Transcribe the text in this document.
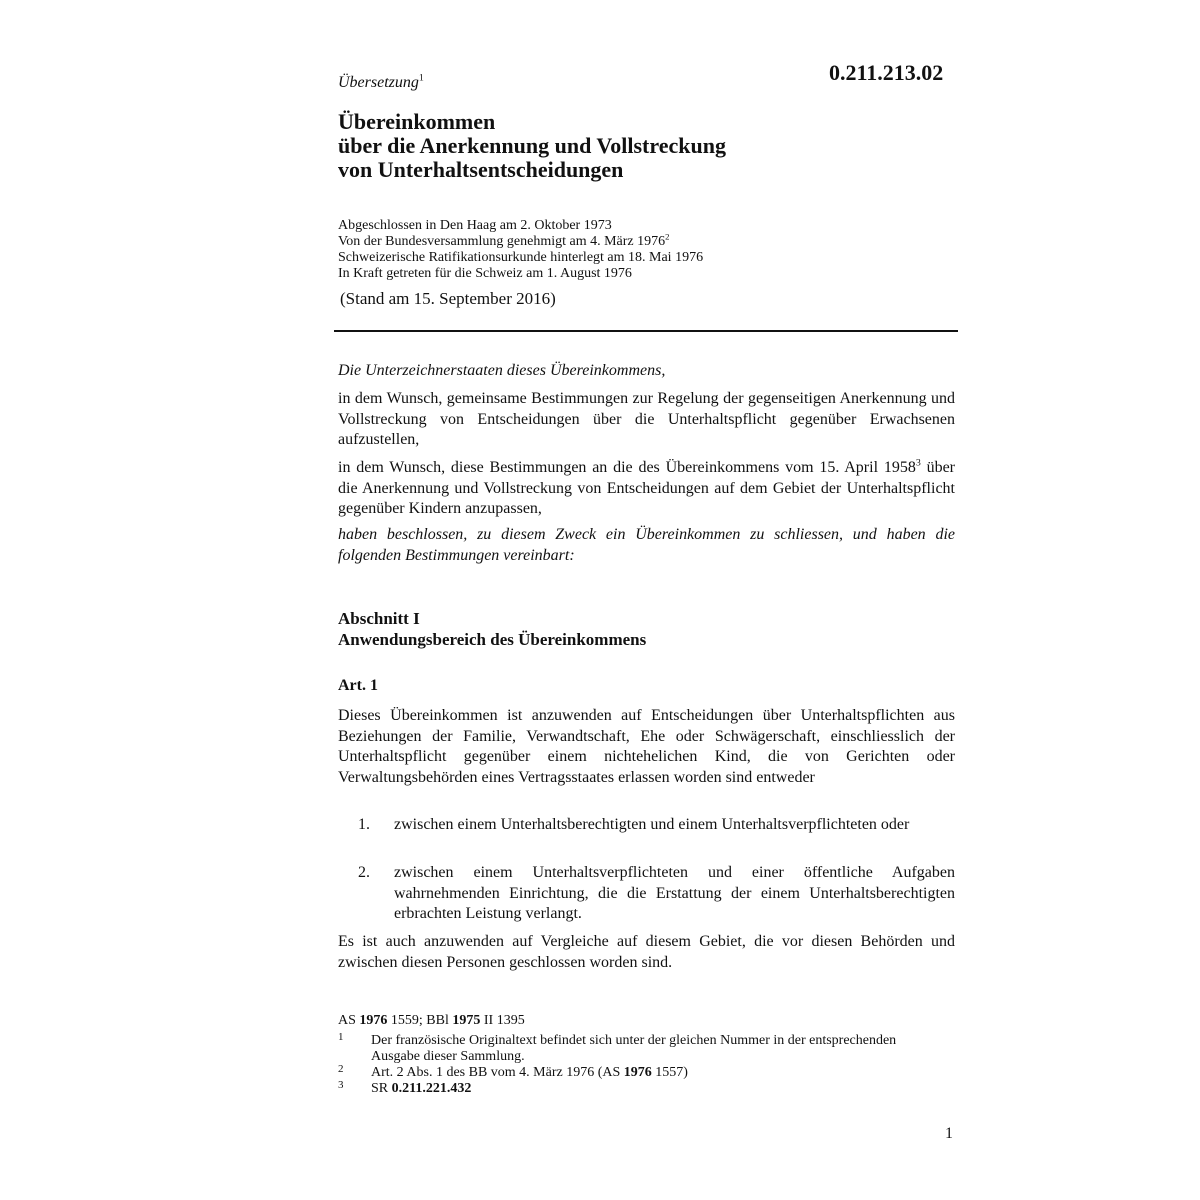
0.211.213.02
Übersetzung$^1$
Übereinkommen
über die Anerkennung und Vollstreckung
von Unterhaltsentscheidungen
Abgeschlossen in Den Haag am 2. Oktober 1973
Von der Bundesversammlung genehmigt am 4. März 1976$^2$
Schweizerische Ratifikationsurkunde hinterlegt am 18. Mai 1976
In Kraft getreten für die Schweiz am 1. August 1976
(Stand am 15. September 2016)
Die Unterzeichnerstaaten dieses Übereinkommens,
in dem Wunsch, gemeinsame Bestimmungen zur Regelung der gegenseitigen Anerkennung und Vollstreckung von Entscheidungen über die Unterhaltspflicht gegenüber Erwachsenen aufzustellen,
in dem Wunsch, diese Bestimmungen an die des Übereinkommens vom 15. April 1958$^3$ über die Anerkennung und Vollstreckung von Entscheidungen auf dem Gebiet der Unterhaltspflicht gegenüber Kindern anzupassen,
haben beschlossen, zu diesem Zweck ein Übereinkommen zu schliessen, und haben die folgenden Bestimmungen vereinbart:
Abschnitt I
Anwendungsbereich des Übereinkommens
Art. 1
Dieses Übereinkommen ist anzuwenden auf Entscheidungen über Unterhaltspflichten aus Beziehungen der Familie, Verwandtschaft, Ehe oder Schwägerschaft, einschliesslich der Unterhaltspflicht gegenüber einem nichtehelichen Kind, die von Gerichten oder Verwaltungsbehörden eines Vertragsstaates erlassen worden sind entweder
1. zwischen einem Unterhaltsberechtigten und einem Unterhaltsverpflichteten oder
2. zwischen einem Unterhaltsverpflichteten und einer öffentliche Aufgaben wahrnehmenden Einrichtung, die die Erstattung der einem Unterhaltsberechtigten erbrachten Leistung verlangt.
Es ist auch anzuwenden auf Vergleiche auf diesem Gebiet, die vor diesen Behörden und zwischen diesen Personen geschlossen worden sind.
AS 1976 1559; BBl 1975 II 1395
1 Der französische Originaltext befindet sich unter der gleichen Nummer in der entsprechenden Ausgabe dieser Sammlung.
2 Art. 2 Abs. 1 des BB vom 4. März 1976 (AS 1976 1557)
3 SR 0.211.221.432
1
